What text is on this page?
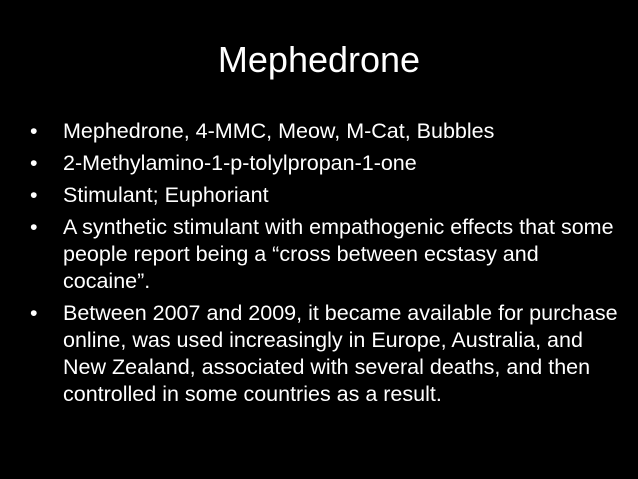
Mephedrone
•	Mephedrone, 4-MMC, Meow, M-Cat, Bubbles
•	2-Methylamino-1-p-tolylpropan-1-one
•	Stimulant; Euphoriant
•	A synthetic stimulant with empathogenic effects that some people report being a “cross between ecstasy and cocaine”.
•	Between 2007 and 2009, it became available for purchase online, was used increasingly in Europe, Australia, and New Zealand, associated with several deaths, and then controlled in some countries as a result.
